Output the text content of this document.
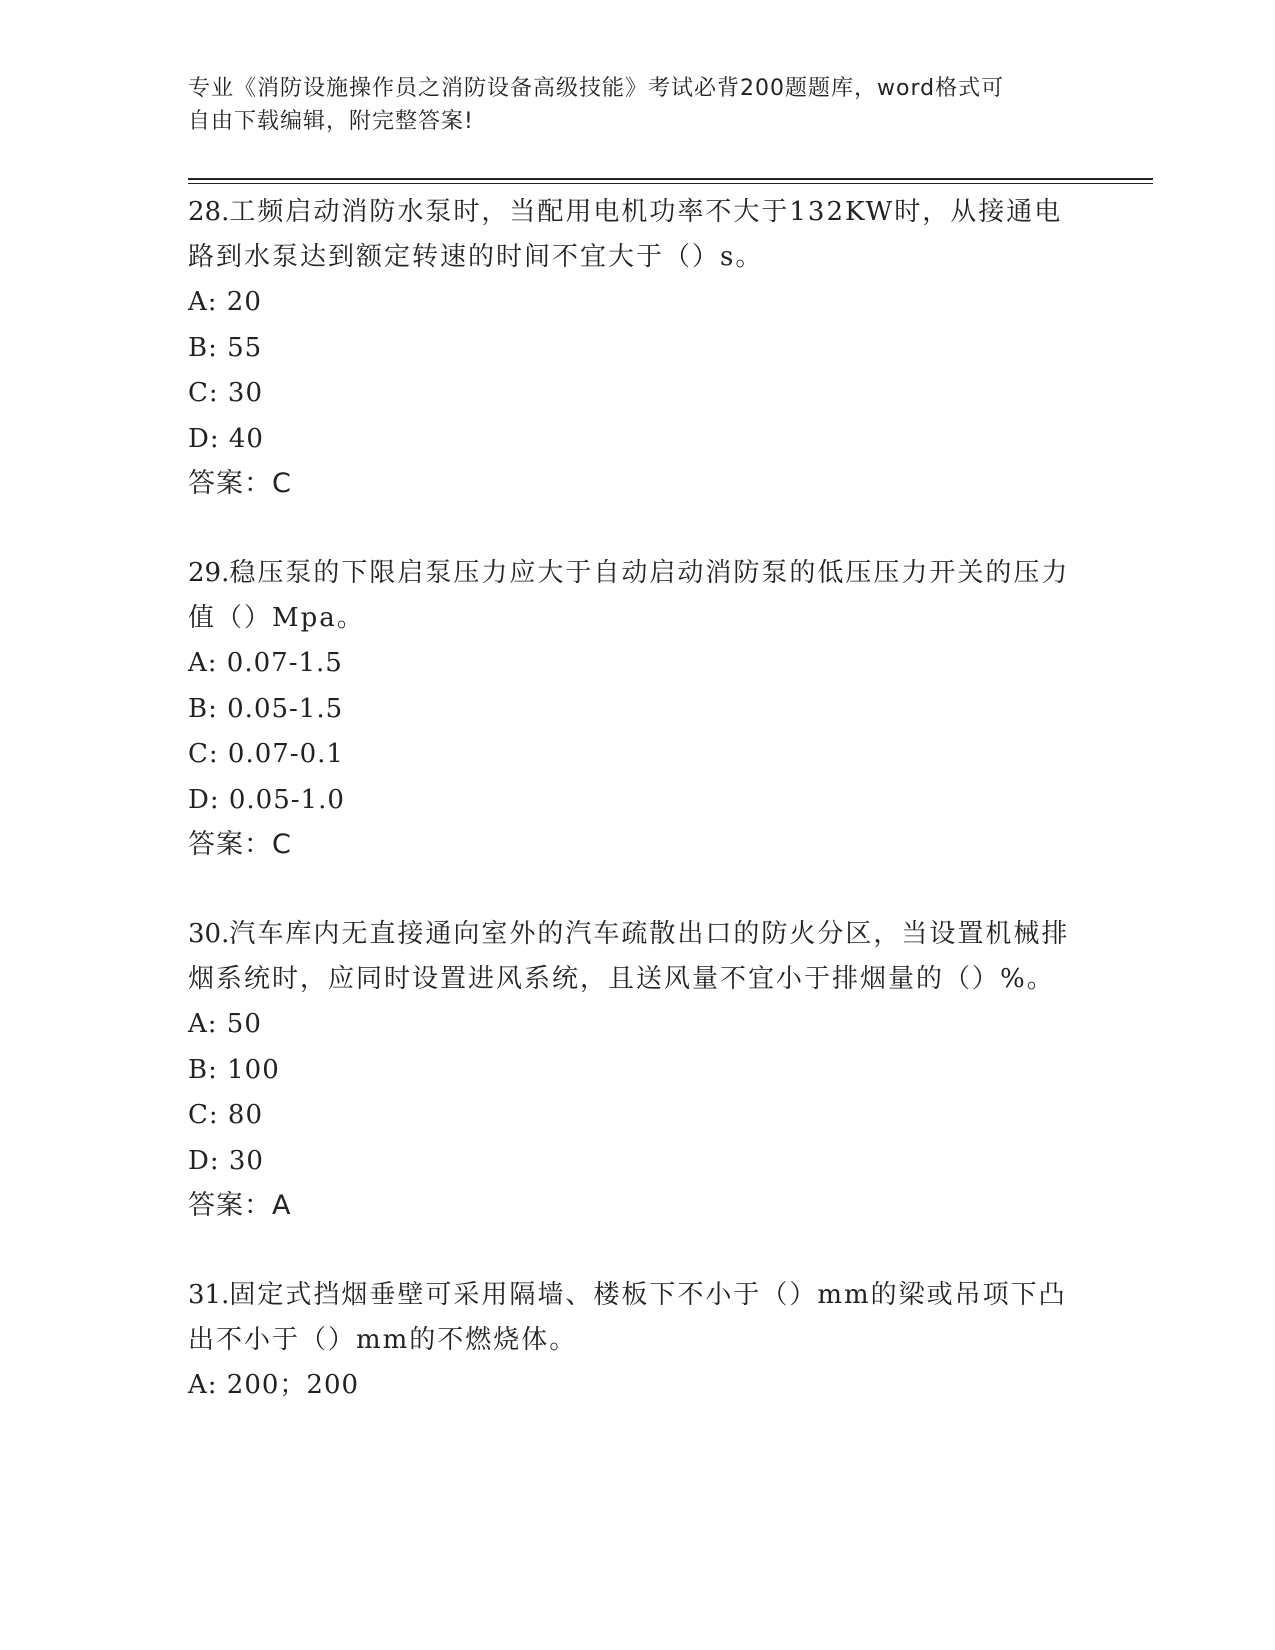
专业《消防设施操作员之消防设备高级技能》考试必背200题题库，word格式可
自由下载编辑，附完整答案!

28.工频启动消防水泵时，当配用电机功率不大于132KW时，从接通电路到水泵达到额定转速的时间不宜大于（）s。

A: 20

B: 55

C: 30

D: 40

答案：C

29.稳压泵的下限启泵压力应大于自动启动消防泵的低压压力开关的压力值（）Mpa。

A: 0.07-1.5

B: 0.05-1.5

C: 0.07-0.1

D: 0.05-1.0

答案：C

30.汽车库内无直接通向室外的汽车疏散出口的防火分区，当设置机械排烟系统时，应同时设置进风系统，且送风量不宜小于排烟量的（）%。

A: 50

B: 100

C: 80

D: 30

答案：A

31.固定式挡烟垂壁可采用隔墙、楼板下不小于（）mm的梁或吊项下凸出不小于（）mm的不燃烧体。

A: 200；200
